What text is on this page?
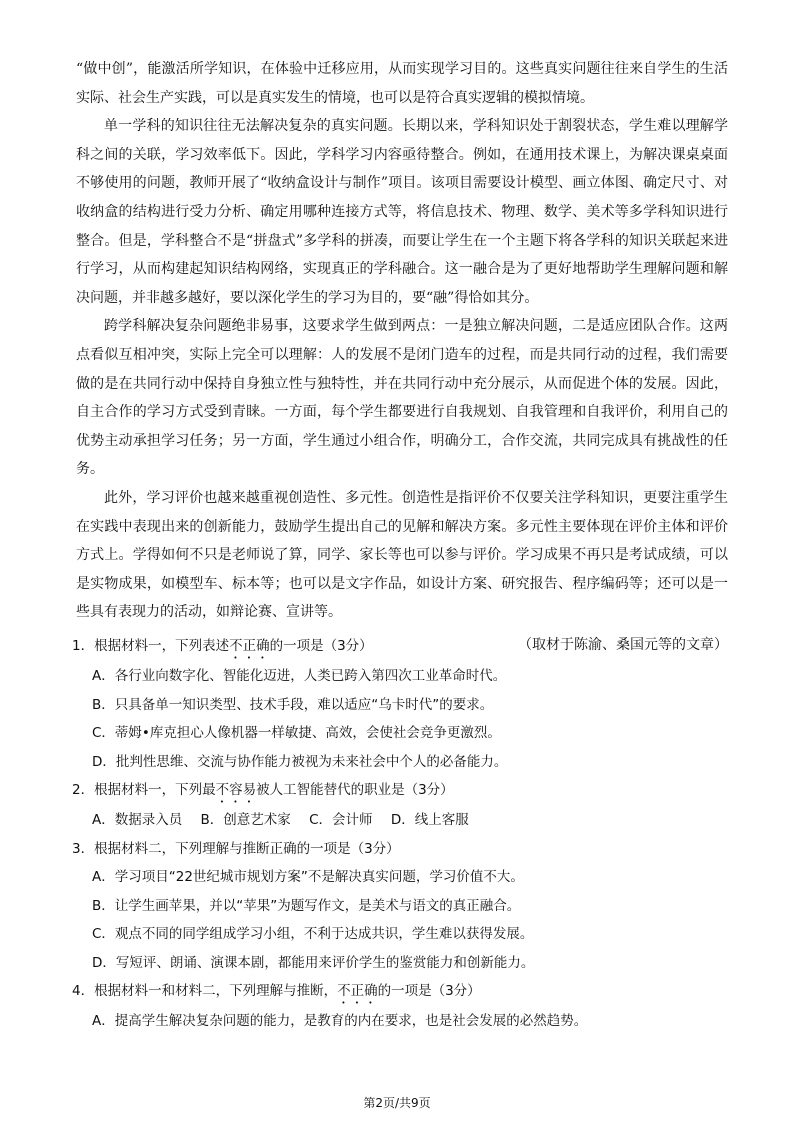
“做中创”，能激活所学知识，在体验中迁移应用，从而实现学习目的。这些真实问题往往来自学生的生活实际、社会生产实践，可以是真实发生的情境，也可以是符合真实逻辑的模拟情境。

单一学科的知识往往无法解决复杂的真实问题。长期以来，学科知识处于割裂状态，学生难以理解学科之间的关联，学习效率低下。因此，学科学习内容亟待整合。例如，在通用技术课上，为解决课桌桌面不够使用的问题，教师开展了“收纳盒设计与制作”项目。该项目需要设计模型、画立体图、确定尺寸、对收纳盒的结构进行受力分析、确定用哪种连接方式等，将信息技术、物理、数学、美术等多学科知识进行整合。但是，学科整合不是“拼盘式”多学科的拼凑，而要让学生在一个主题下将各学科的知识关联起来进行学习，从而构建起知识结构网络，实现真正的学科融合。这一融合是为了更好地帮助学生理解问题和解决问题，并非越多越好，要以深化学生的学习为目的，要“融”得恰如其分。

跨学科解决复杂问题绝非易事，这要求学生做到两点：一是独立解决问题，二是适应团队合作。这两点看似互相冲突，实际上完全可以理解：人的发展不是闭门造车的过程，而是共同行动的过程，我们需要做的是在共同行动中保持自身独立性与独特性，并在共同行动中充分展示，从而促进个体的发展。因此，自主合作的学习方式受到青睐。一方面，每个学生都要进行自我规划、自我管理和自我评价，利用自己的优势主动承担学习任务；另一方面，学生通过小组合作，明确分工，合作交流，共同完成具有挑战性的任务。

此外，学习评价也越来越重视创造性、多元性。创造性是指评价不仅要关注学科知识，更要注重学生在实践中表现出来的创新能力，鼓励学生提出自己的见解和解决方案。多元性主要体现在评价主体和评价方式上。学得如何不只是老师说了算，同学、家长等也可以参与评价。学习成果不再只是考试成绩，可以是实物成果，如模型车、标本等；也可以是文字作品，如设计方案、研究报告、程序编码等；还可以是一些具有表现力的活动，如辩论赛、宣讲等。

（取材于陈渝、桑国元等的文章）

1．根据材料一，下列表述不正确的一项是（3分）

A．各行业向数字化、智能化迈进，人类已跨入第四次工业革命时代。

B．只具备单一知识类型、技术手段，难以适应“乌卡时代”的要求。

C．蒂姆•库克担心人像机器一样敏捷、高效，会使社会竞争更激烈。

D．批判性思维、交流与协作能力被视为未来社会中个人的必备能力。

2．根据材料一，下列最不容易被人工智能替代的职业是（3分）

A．数据录入员 B．创意艺术家 C．会计师 D．线上客服

3．根据材料二，下列理解与推断正确的一项是（3分）

A．学习项目“22世纪城市规划方案”不是解决真实问题，学习价值不大。

B．让学生画苹果，并以“苹果”为题写作文，是美术与语文的真正融合。

C．观点不同的同学组成学习小组，不利于达成共识，学生难以获得发展。

D．写短评、朗诵、演课本剧，都能用来评价学生的鉴赏能力和创新能力。

4．根据材料一和材料二，下列理解与推断，不正确的一项是（3分）

A．提高学生解决复杂问题的能力，是教育的内在要求，也是社会发展的必然趋势。

第2页/共9页
